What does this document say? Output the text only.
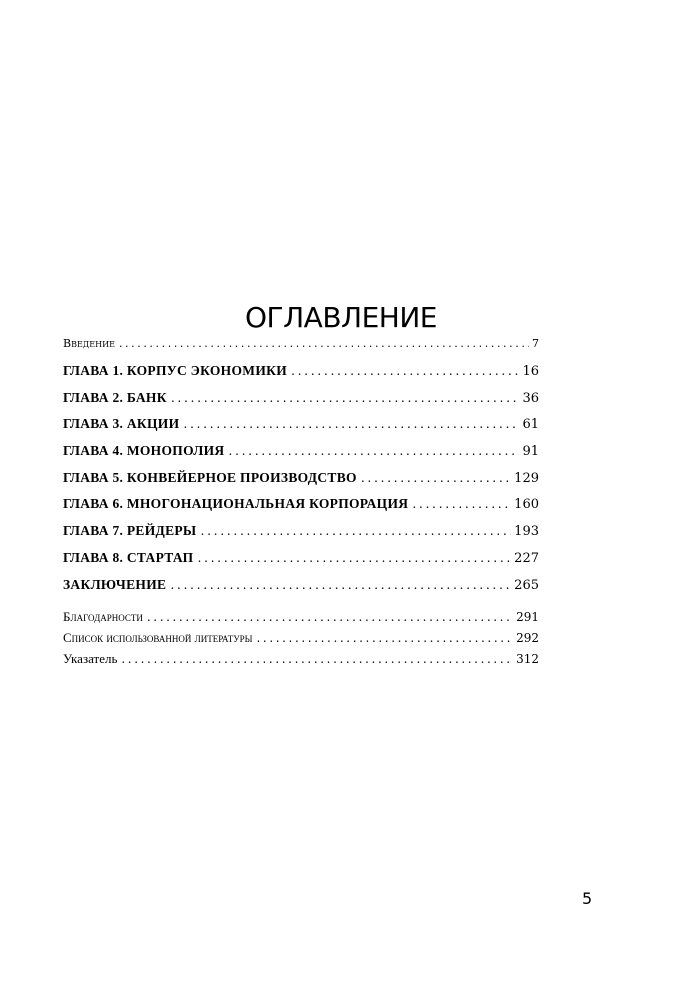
ОГЛАВЛЕНИЕ
Введение .....	7
ГЛАВА 1. КОРПУС ЭКОНОМИКИ .....	16
ГЛАВА 2. БАНК .....	36
ГЛАВА 3. АКЦИИ .....	61
ГЛАВА 4. МОНОПОЛИЯ .....	91
ГЛАВА 5. КОНВЕЙЕРНОЕ ПРОИЗВОДСТВО .....	129
ГЛАВА 6. МНОГОНАЦИОНАЛЬНАЯ КОРПОРАЦИЯ .....	160
ГЛАВА 7. РЕЙДЕРЫ .....	193
ГЛАВА 8. СТАРТАП .....	227
ЗАКЛЮЧЕНИЕ .....	265
Благодарности .....	291
Список использованной литературы .....	292
Указатель .....	312
5
